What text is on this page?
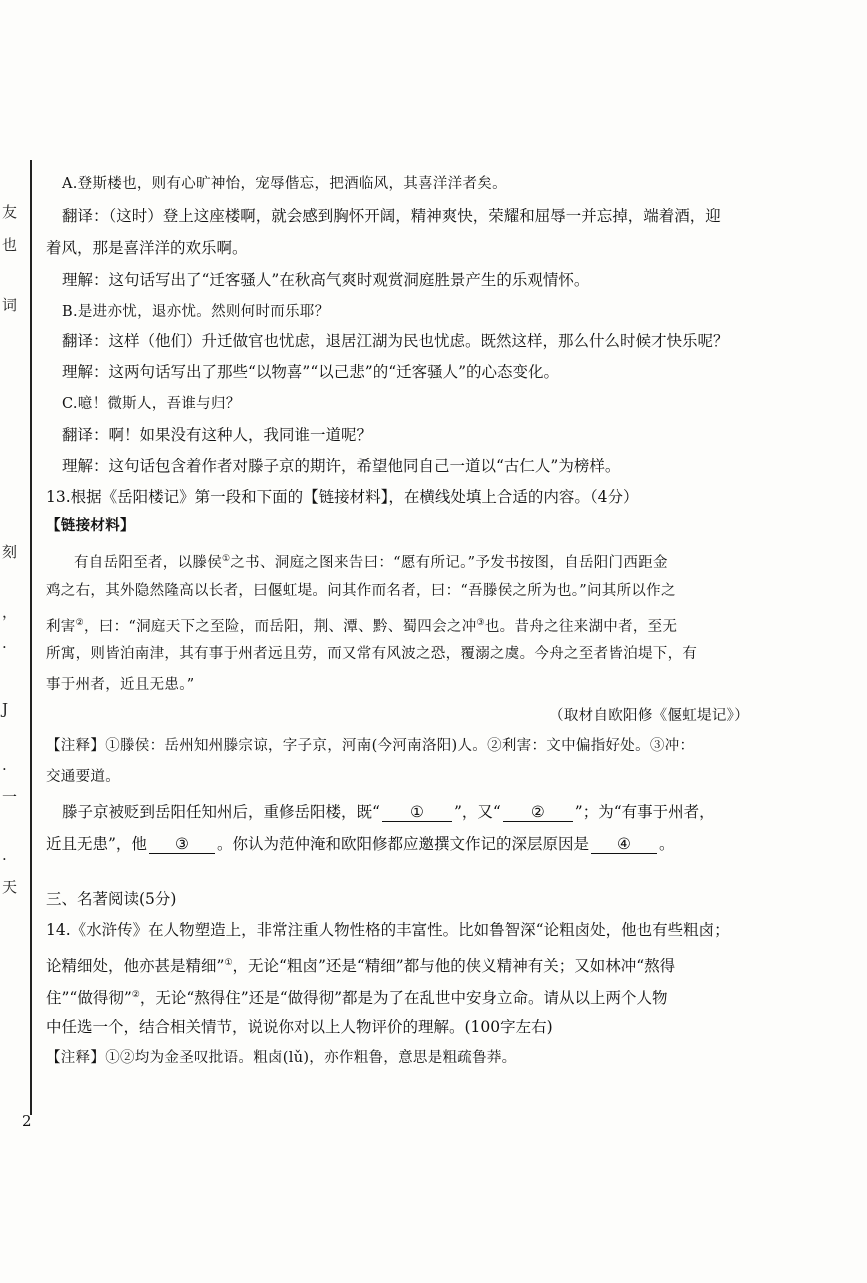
友
也
词
刻
，
·
J
·
一
·
天
2
A.登斯楼也，则有心旷神怡，宠辱偕忘，把酒临风，其喜洋洋者矣。
翻译：（这时）登上这座楼啊，就会感到胸怀开阔，精神爽快，荣耀和屈辱一并忘掉，端着酒，迎
着风，那是喜洋洋的欢乐啊。
理解：这句话写出了“迁客骚人”在秋高气爽时观赏洞庭胜景产生的乐观情怀。
B.是进亦忧，退亦忧。然则何时而乐耶？
翻译：这样（他们）升迁做官也忧虑，退居江湖为民也忧虑。既然这样，那么什么时候才快乐呢？
理解：这两句话写出了那些“以物喜”“以己悲”的“迁客骚人”的心态变化。
C.噫！微斯人，吾谁与归？
翻译：啊！如果没有这种人，我同谁一道呢？
理解：这句话包含着作者对滕子京的期许，希望他同自己一道以“古仁人”为榜样。
13.根据《岳阳楼记》第一段和下面的【链接材料】，在横线处填上合适的内容。（4分）
【链接材料】
有自岳阳至者，以滕侯①之书、洞庭之图来告曰：“愿有所记。”予发书按图，自岳阳门西距金
鸡之右，其外隐然隆高以长者，曰偃虹堤。问其作而名者，曰：“吾滕侯之所为也。”问其所以作之
利害②，曰：“洞庭天下之至险，而岳阳，荆、潭、黔、蜀四会之冲③也。昔舟之往来湖中者，至无
所寓，则皆泊南津，其有事于州者远且劳，而又常有风波之恐，覆溺之虞。今舟之至者皆泊堤下，有
事于州者，近且无患。”
（取材自欧阳修《偃虹堤记》）
【注释】①滕侯：岳州知州滕宗谅，字子京，河南(今河南洛阳)人。②利害：文中偏指好处。③冲：
交通要道。
滕子京被贬到岳阳任知州后，重修岳阳楼，既“ ① ”，又“ ② ”；为“有事于州者，
近且无患”，他 ③ 。你认为范仲淹和欧阳修都应邀撰文作记的深层原因是 ④ 。
三、名著阅读(5分)
14.《水浒传》在人物塑造上，非常注重人物性格的丰富性。比如鲁智深“论粗卤处，他也有些粗卤；
论精细处，他亦甚是精细”①，无论“粗卤”还是“精细”都与他的侠义精神有关；又如林冲“熬得
住”“做得彻”②，无论“熬得住”还是“做得彻”都是为了在乱世中安身立命。请从以上两个人物
中任选一个，结合相关情节，说说你对以上人物评价的理解。(100字左右)
【注释】①②均为金圣叹批语。粗卤(lǔ)，亦作粗鲁，意思是粗疏鲁莽。
